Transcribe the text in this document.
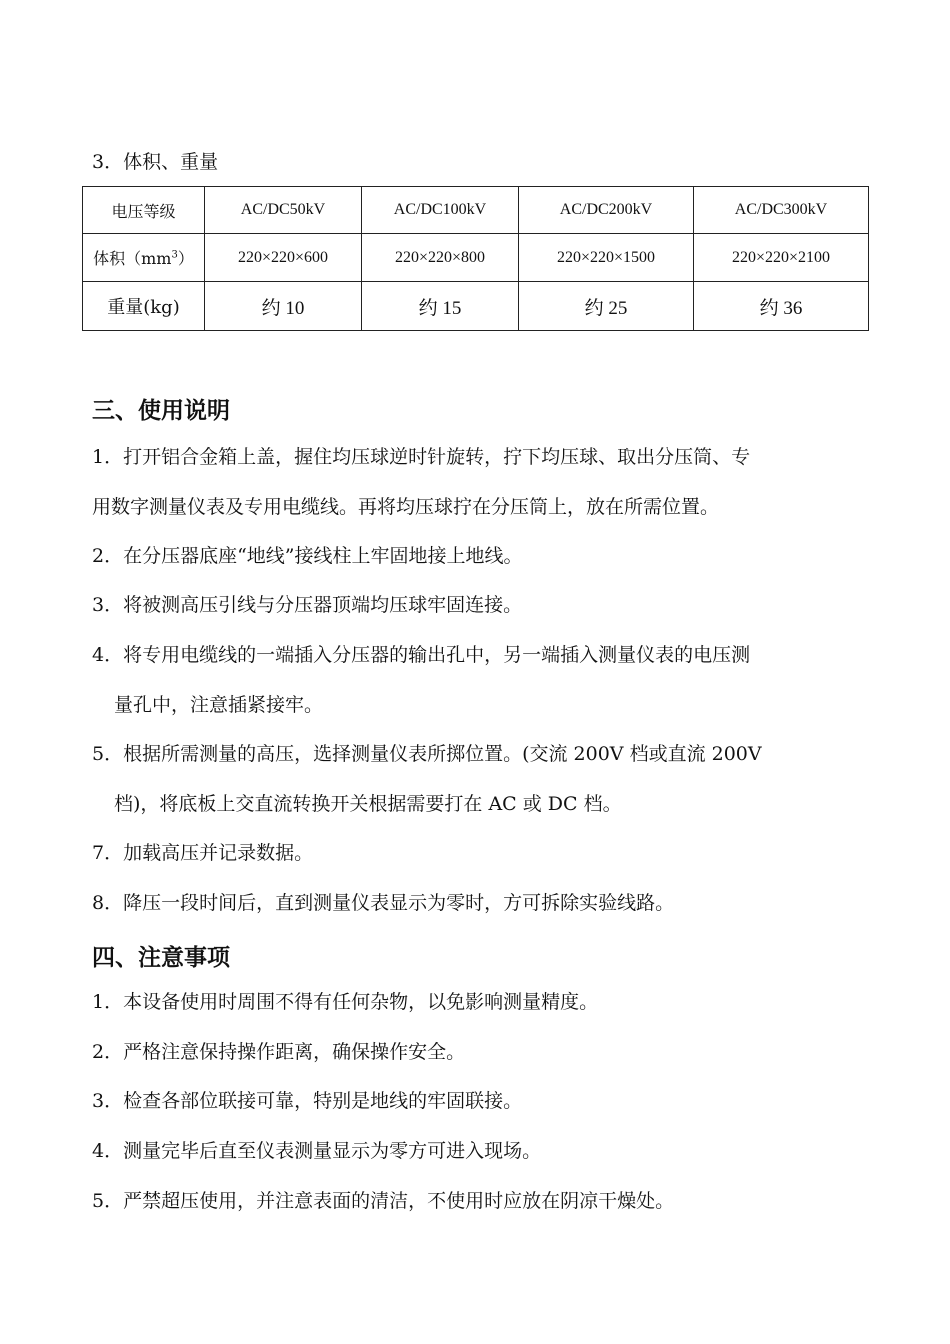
3．体积、重量
电压等级	AC/DC50kV	AC/DC100kV	AC/DC200kV	AC/DC300kV
体积$(mm^3)$	220×220×600	220×220×800	220×220×1500	220×220×2100
重量(kg)	约 10	约 15	约 25	约 36
三、使用说明
1．打开铝合金箱上盖，握住均压球逆时针旋转，拧下均压球、取出分压筒、专
用数字测量仪表及专用电缆线。再将均压球拧在分压筒上，放在所需位置。
2．在分压器底座“地线”接线柱上牢固地接上地线。
3．将被测高压引线与分压器顶端均压球牢固连接。
4．将专用电缆线的一端插入分压器的输出孔中，另一端插入测量仪表的电压测
量孔中，注意插紧接牢。
5．根据所需测量的高压，选择测量仪表所掷位置。(交流 200V 档或直流 200V
档)，将底板上交直流转换开关根据需要打在 AC 或 DC 档。
7．加载高压并记录数据。
8．降压一段时间后，直到测量仪表显示为零时，方可拆除实验线路。
四、注意事项
1．本设备使用时周围不得有任何杂物，以免影响测量精度。
2．严格注意保持操作距离，确保操作安全。
3．检查各部位联接可靠，特别是地线的牢固联接。
4．测量完毕后直至仪表测量显示为零方可进入现场。
5．严禁超压使用，并注意表面的清洁，不使用时应放在阴凉干燥处。
